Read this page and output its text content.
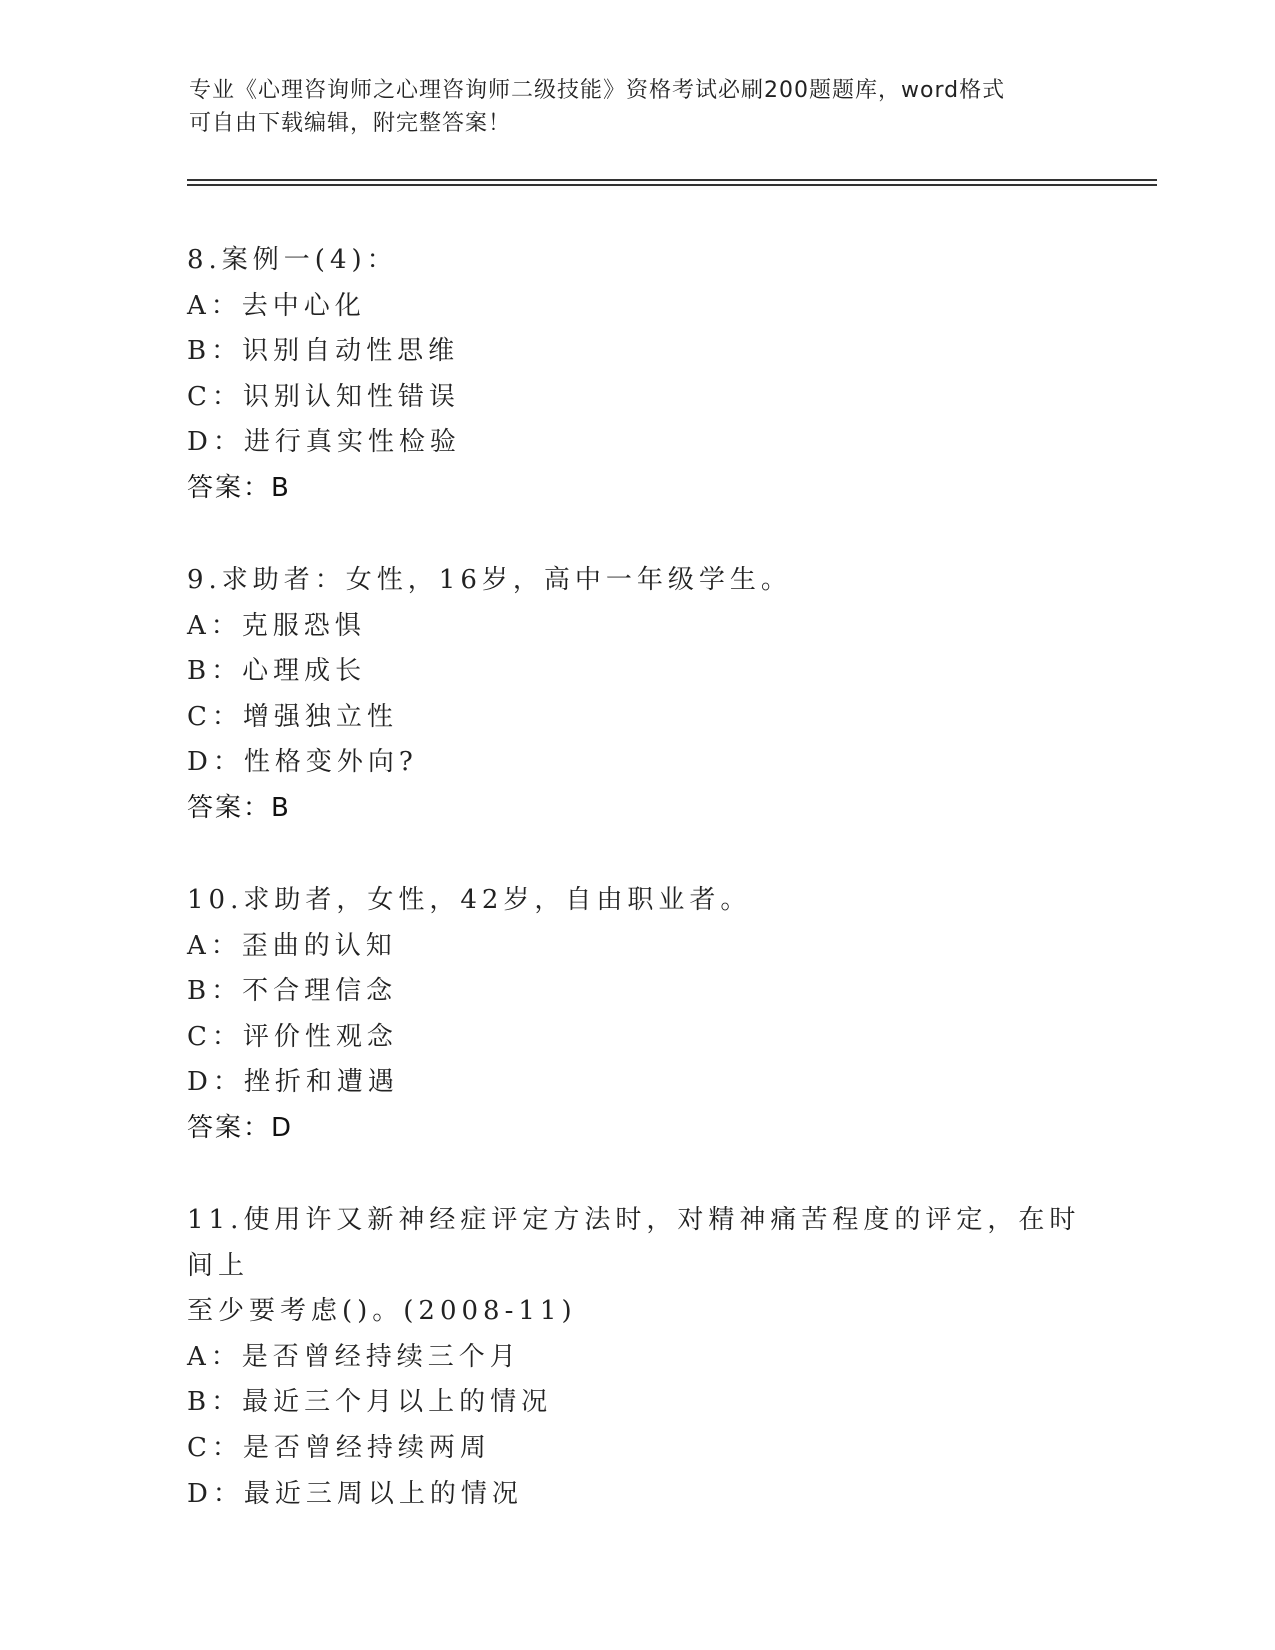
专业《心理咨询师之心理咨询师二级技能》资格考试必刷200题题库，word格式
可自由下载编辑，附完整答案！
8.案例一(4)：
A：去中心化
B：识别自动性思维
C：识别认知性错误
D：进行真实性检验
答案：B
9.求助者：女性，16岁，高中一年级学生。
A：克服恐惧
B：心理成长
C：增强独立性
D：性格变外向?
答案：B
10.求助者，女性，42岁，自由职业者。
A：歪曲的认知
B：不合理信念
C：评价性观念
D：挫折和遭遇
答案：D
11.使用许又新神经症评定方法时，对精神痛苦程度的评定，在时间上
至少要考虑()。(2008-11)
A：是否曾经持续三个月
B：最近三个月以上的情况
C：是否曾经持续两周
D：最近三周以上的情况
